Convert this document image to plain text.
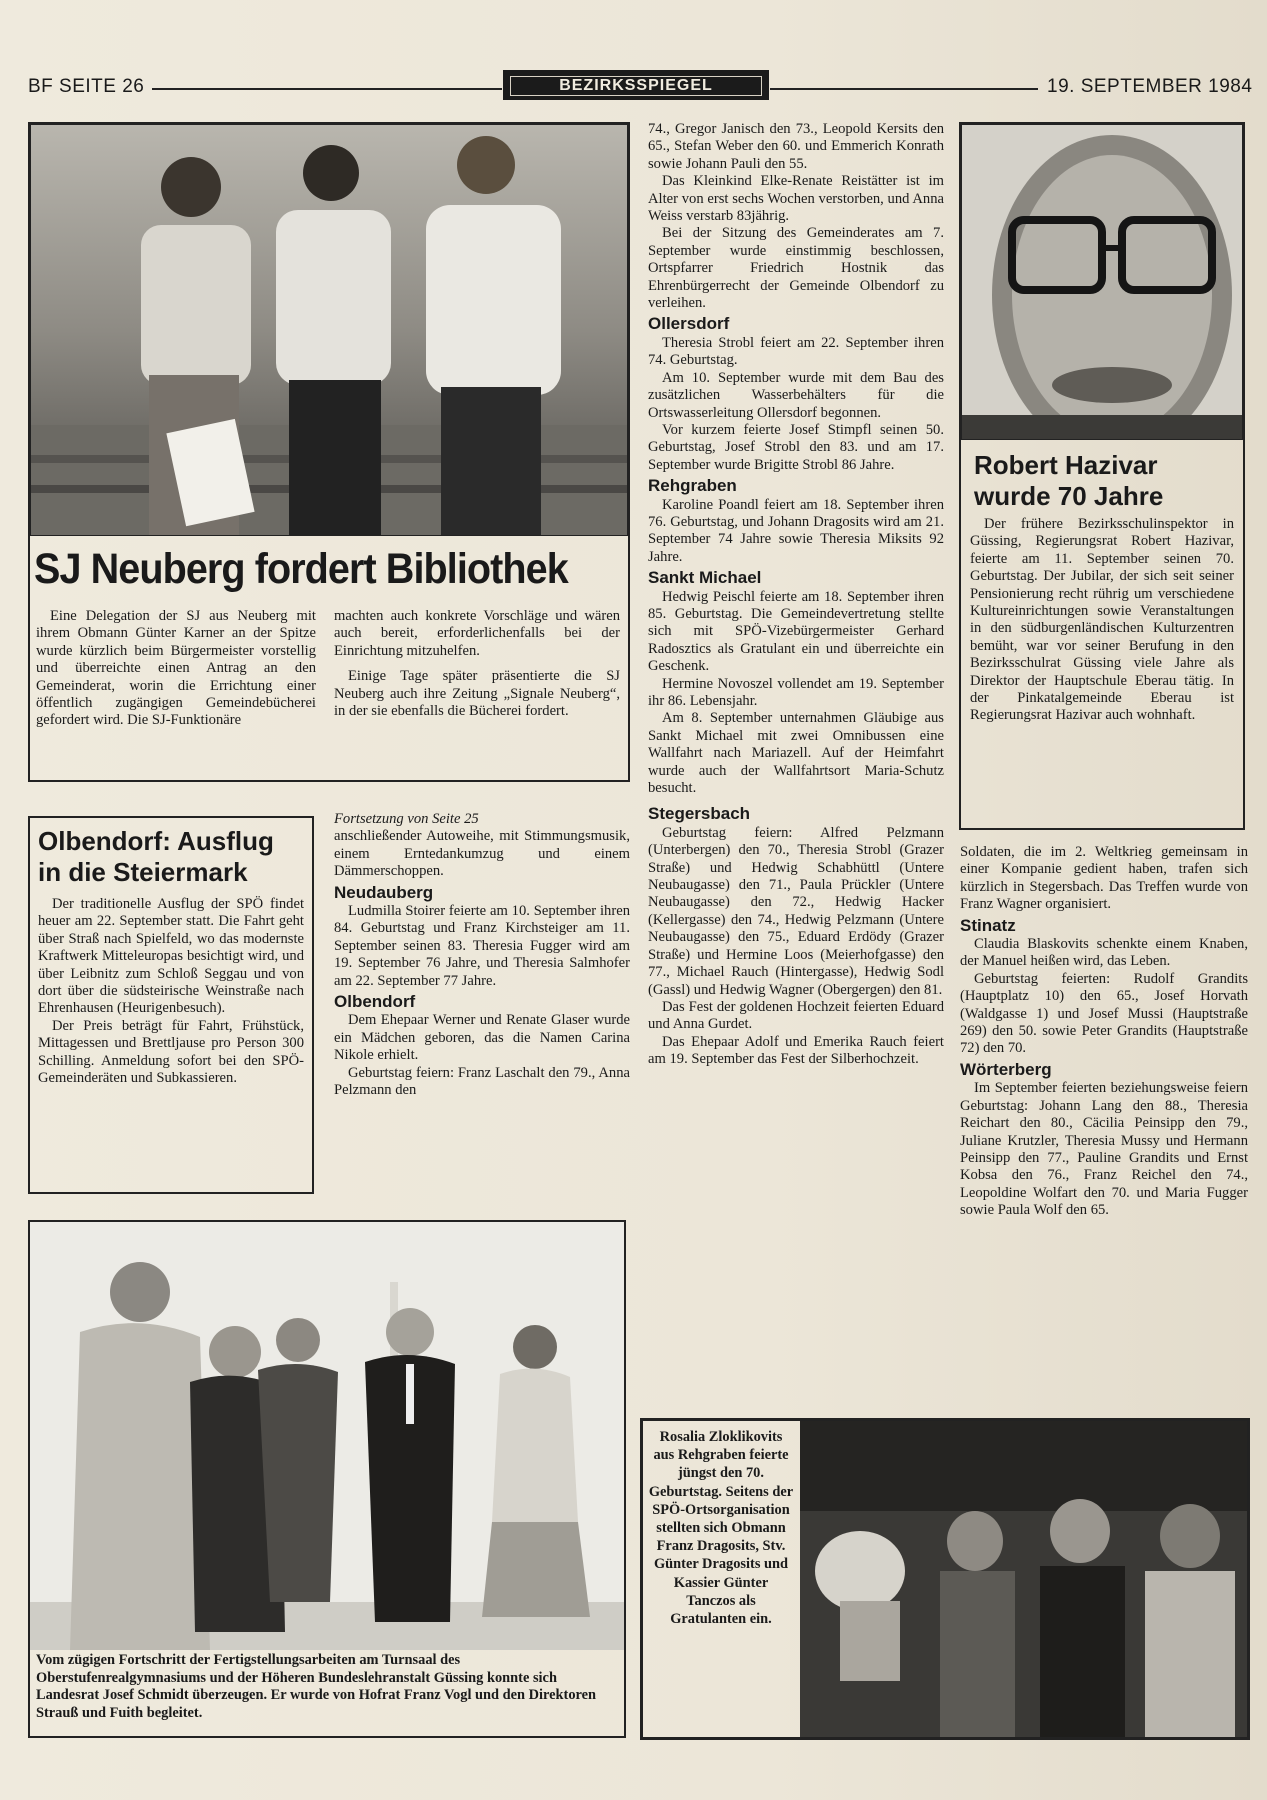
BF SEITE 26	BEZIRKSSPIEGEL	19. SEPTEMBER 1984
SJ Neuberg fordert Bibliothek

Eine Delegation der SJ aus Neuberg mit ihrem Obmann Günter Karner an der Spitze wurde kürzlich beim Bürgermeister vorstellig und überreichte einen Antrag an den Gemeinderat, worin die Errichtung einer öffentlich zugängigen Gemeindebücherei gefordert wird. Die SJ-Funktionäre

machten auch konkrete Vorschläge und wären auch bereit, erforderlichenfalls bei der Einrichtung mitzuhelfen.

Einige Tage später präsentierte die SJ Neuberg auch ihre Zeitung „Signale Neuberg“, in der sie ebenfalls die Bücherei fordert.

74., Gregor Janisch den 73., Leopold Kersits den 65., Stefan Weber den 60. und Emmerich Konrath sowie Johann Pauli den 55.

Das Kleinkind Elke-Renate Reistätter ist im Alter von erst sechs Wochen verstorben, und Anna Weiss verstarb 83jährig.

Bei der Sitzung des Gemeinderates am 7. September wurde einstimmig beschlossen, Ortspfarrer Friedrich Hostnik das Ehrenbürgerrecht der Gemeinde Olbendorf zu verleihen.

Ollersdorf

Theresia Strobl feiert am 22. September ihren 74. Geburtstag.

Am 10. September wurde mit dem Bau des zusätzlichen Wasserbehälters für die Ortswasserleitung Ollersdorf begonnen.

Vor kurzem feierte Josef Stimpfl seinen 50. Geburtstag, Josef Strobl den 83. und am 17. September wurde Brigitte Strobl 86 Jahre.

Rehgraben

Karoline Poandl feiert am 18. September ihren 76. Geburtstag, und Johann Dragosits wird am 21. September 74 Jahre sowie Theresia Miksits 92 Jahre.

Sankt Michael

Hedwig Peischl feierte am 18. September ihren 85. Geburtstag. Die Gemeindevertretung stellte sich mit SPÖ-Vizebürgermeister Gerhard Radosztics als Gratulant ein und überreichte ein Geschenk.

Hermine Novoszel vollendet am 19. September ihr 86. Lebensjahr.

Am 8. September unternahmen Gläubige aus Sankt Michael mit zwei Omnibussen eine Wallfahrt nach Mariazell. Auf der Heimfahrt wurde auch der Wallfahrtsort Maria-Schutz besucht.

Stegersbach

Geburtstag feiern: Alfred Pelzmann (Unterbergen) den 70., Theresia Strobl (Grazer Straße) und Hedwig Schabhüttl (Untere Neubaugasse) den 71., Paula Prückler (Untere Neubaugasse) den 72., Hedwig Hacker (Kellergasse) den 74., Hedwig Pelzmann (Untere Neubaugasse) den 75., Eduard Erdödy (Grazer Straße) und Hermine Loos (Meierhofgasse) den 77., Michael Rauch (Hintergasse), Hedwig Sodl (Gassl) und Hedwig Wagner (Obergergen) den 81.

Das Fest der goldenen Hochzeit feierten Eduard und Anna Gurdet.

Das Ehepaar Adolf und Emerika Rauch feiert am 19. September das Fest der Silberhochzeit.

Robert Hazivar
wurde 70 Jahre

Der frühere Bezirksschulinspektor in Güssing, Regierungsrat Robert Hazivar, feierte am 11. September seinen 70. Geburtstag. Der Jubilar, der sich seit seiner Pensionierung recht rührig um verschiedene Kultureinrichtungen sowie Veranstaltungen in den südburgenländischen Kulturzentren bemüht, war vor seiner Berufung in den Bezirksschulrat Güssing viele Jahre als Direktor der Hauptschule Eberau tätig. In der Pinkatalgemeinde Eberau ist Regierungsrat Hazivar auch wohnhaft.

Soldaten, die im 2. Weltkrieg gemeinsam in einer Kompanie gedient haben, trafen sich kürzlich in Stegersbach. Das Treffen wurde von Franz Wagner organisiert.

Stinatz

Claudia Blaskovits schenkte einem Knaben, der Manuel heißen wird, das Leben.

Geburtstag feierten: Rudolf Grandits (Hauptplatz 10) den 65., Josef Horvath (Waldgasse 1) und Josef Mussi (Hauptstraße 269) den 50. sowie Peter Grandits (Hauptstraße 72) den 70.

Wörterberg

Im September feierten beziehungsweise feiern Geburtstag: Johann Lang den 88., Theresia Reichart den 80., Cäcilia Peinsipp den 79., Juliane Krutzler, Theresia Mussy und Hermann Peinsipp den 77., Pauline Grandits und Ernst Kobsa den 76., Franz Reichel den 74., Leopoldine Wolfart den 70. und Maria Fugger sowie Paula Wolf den 65.

Olbendorf: Ausflug
in die Steiermark

Der traditionelle Ausflug der SPÖ findet heuer am 22. September statt. Die Fahrt geht über Straß nach Spielfeld, wo das modernste Kraftwerk Mitteleuropas besichtigt wird, und über Leibnitz zum Schloß Seggau und von dort über die südsteirische Weinstraße nach Ehrenhausen (Heurigenbesuch).

Der Preis beträgt für Fahrt, Frühstück, Mittagessen und Brettljause pro Person 300 Schilling. Anmeldung sofort bei den SPÖ-Gemeinderäten und Subkassieren.

Fortsetzung von Seite 25

anschließender Autoweihe, mit Stimmungsmusik, einem Erntedankumzug und einem Dämmerschoppen.

Neudauberg

Ludmilla Stoirer feierte am 10. September ihren 84. Geburtstag und Franz Kirchsteiger am 11. September seinen 83. Theresia Fugger wird am 19. September 76 Jahre, und Theresia Salmhofer am 22. September 77 Jahre.

Olbendorf

Dem Ehepaar Werner und Renate Glaser wurde ein Mädchen geboren, das die Namen Carina Nikole erhielt.

Geburtstag feiern: Franz Laschalt den 79., Anna Pelzmann den

Vom zügigen Fortschritt der Fertigstellungsarbeiten am Turnsaal des Oberstufenrealgymnasiums und der Höheren Bundeslehranstalt Güssing konnte sich Landesrat Josef Schmidt überzeugen. Er wurde von Hofrat Franz Vogl und den Direktoren Strauß und Fuith begleitet.
Rosalia Zloklikovits aus Rehgraben feierte jüngst den 70. Geburtstag. Seitens der SPÖ-Ortsorganisation stellten sich Obmann Franz Dragosits, Stv. Günter Dragosits und Kassier Günter Tanczos als Gratulanten ein.
